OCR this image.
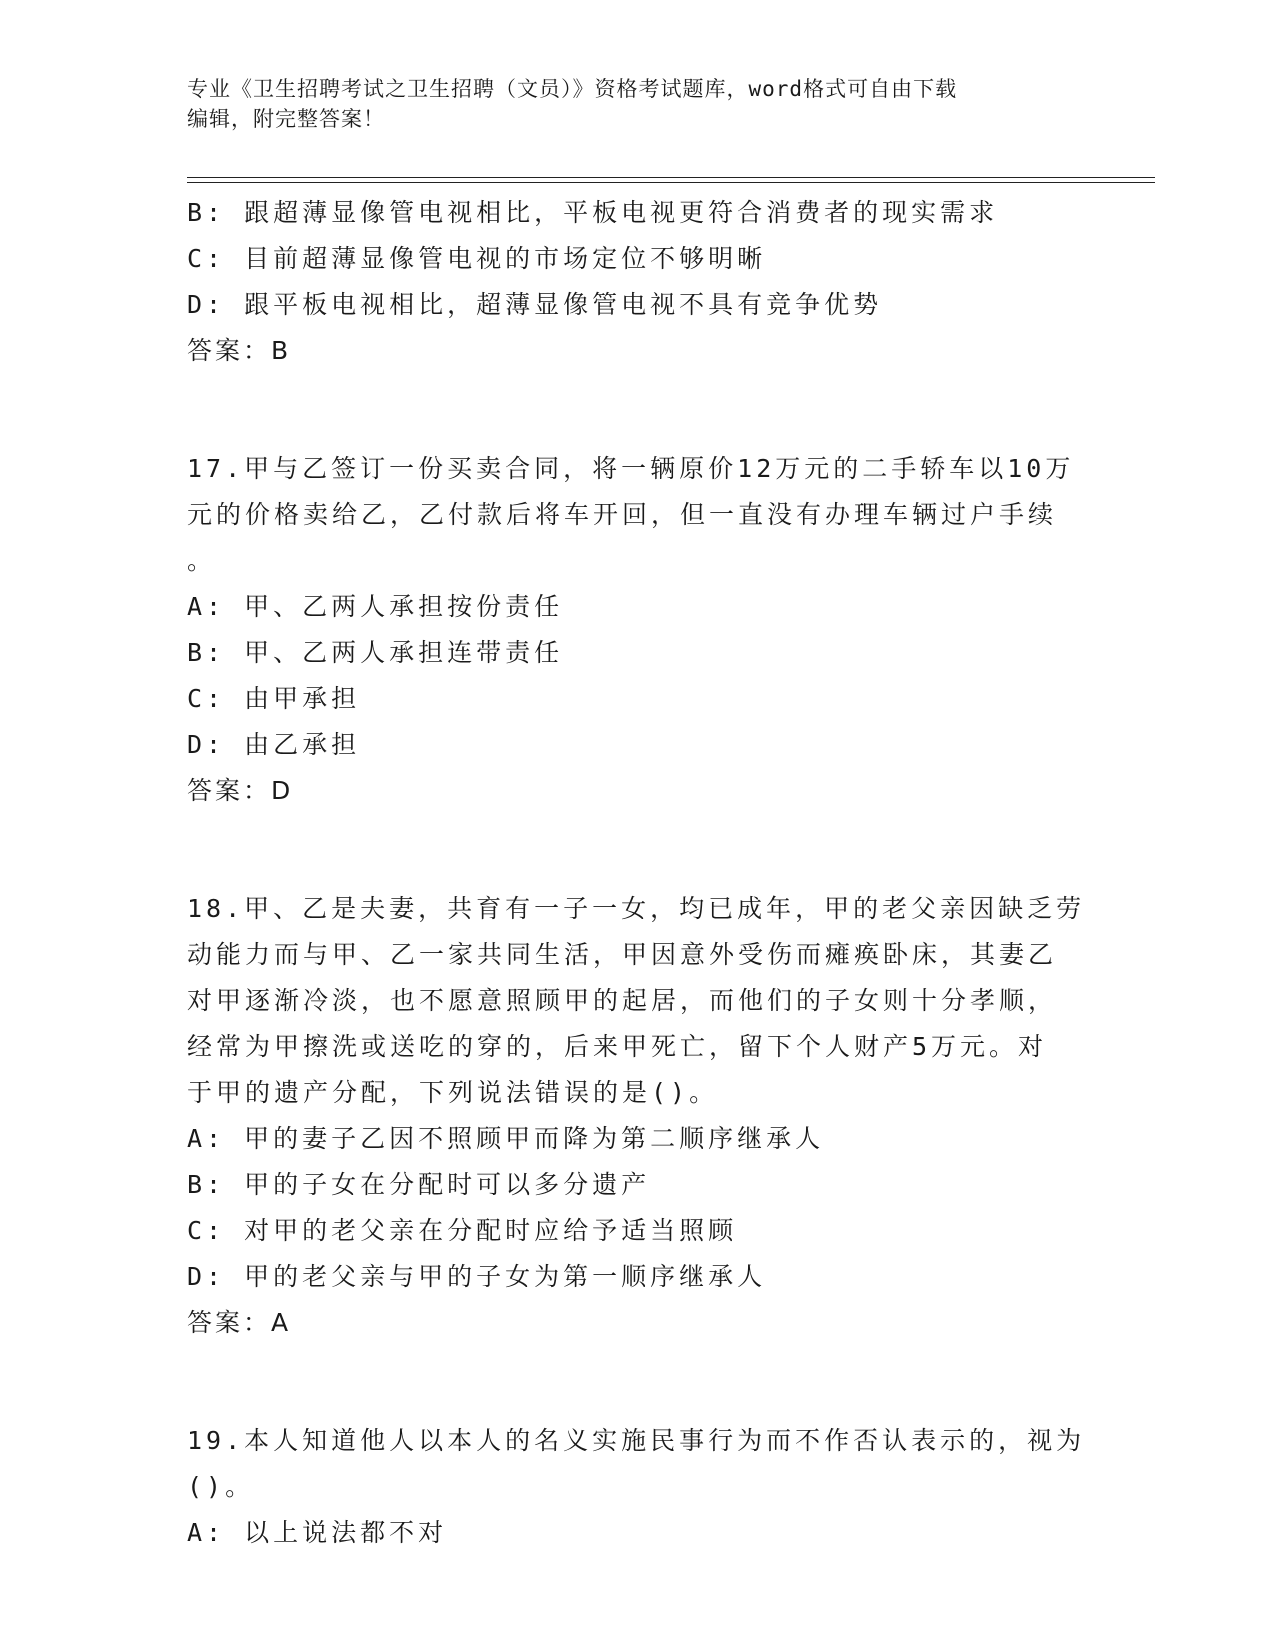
专业《卫生招聘考试之卫生招聘（文员）》资格考试题库，word格式可自由下载
编辑，附完整答案！
B: 跟超薄显像管电视相比，平板电视更符合消费者的现实需求
C: 目前超薄显像管电视的市场定位不够明晰
D: 跟平板电视相比，超薄显像管电视不具有竞争优势
答案：B
17.甲与乙签订一份买卖合同，将一辆原价12万元的二手轿车以10万
元的价格卖给乙，乙付款后将车开回，但一直没有办理车辆过户手续
。
A: 甲、乙两人承担按份责任
B: 甲、乙两人承担连带责任
C: 由甲承担
D: 由乙承担
答案：D
18.甲、乙是夫妻，共育有一子一女，均已成年，甲的老父亲因缺乏劳
动能力而与甲、乙一家共同生活，甲因意外受伤而瘫痪卧床，其妻乙
对甲逐渐冷淡，也不愿意照顾甲的起居，而他们的子女则十分孝顺，
经常为甲擦洗或送吃的穿的，后来甲死亡，留下个人财产5万元。对
于甲的遗产分配，下列说法错误的是()。
A: 甲的妻子乙因不照顾甲而降为第二顺序继承人
B: 甲的子女在分配时可以多分遗产
C: 对甲的老父亲在分配时应给予适当照顾
D: 甲的老父亲与甲的子女为第一顺序继承人
答案：A
19.本人知道他人以本人的名义实施民事行为而不作否认表示的，视为
()。
A: 以上说法都不对
